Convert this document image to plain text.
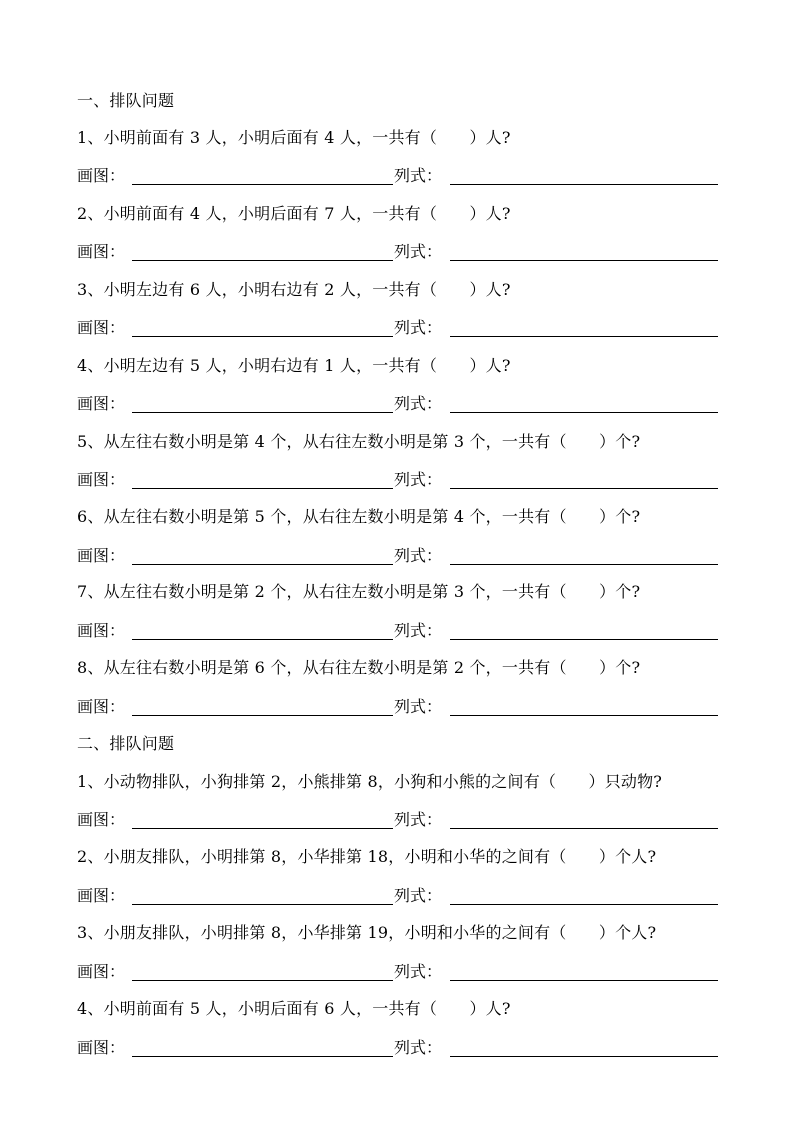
一、排队问题
1、小明前面有 3 人，小明后面有 4 人，一共有（　　）人?
画图：	列式：
2、小明前面有 4 人，小明后面有 7 人，一共有（　　）人?
画图：	列式：
3、小明左边有 6 人，小明右边有 2 人，一共有（　　）人?
画图：	列式：
4、小明左边有 5 人，小明右边有 1 人，一共有（　　）人?
画图：	列式：
5、从左往右数小明是第 4 个，从右往左数小明是第 3 个，一共有（　　）个?
画图：	列式：
6、从左往右数小明是第 5 个，从右往左数小明是第 4 个，一共有（　　）个?
画图：	列式：
7、从左往右数小明是第 2 个，从右往左数小明是第 3 个，一共有（　　）个?
画图：	列式：
8、从左往右数小明是第 6 个，从右往左数小明是第 2 个，一共有（　　）个?
画图：	列式：
二、排队问题
1、小动物排队，小狗排第 2，小熊排第 8，小狗和小熊的之间有（　　）只动物?
画图：	列式：
2、小朋友排队，小明排第 8，小华排第 18，小明和小华的之间有（　　）个人?
画图：	列式：
3、小朋友排队，小明排第 8，小华排第 19，小明和小华的之间有（　　）个人?
画图：	列式：
4、小明前面有 5 人，小明后面有 6 人，一共有（　　）人?
画图：	列式：
